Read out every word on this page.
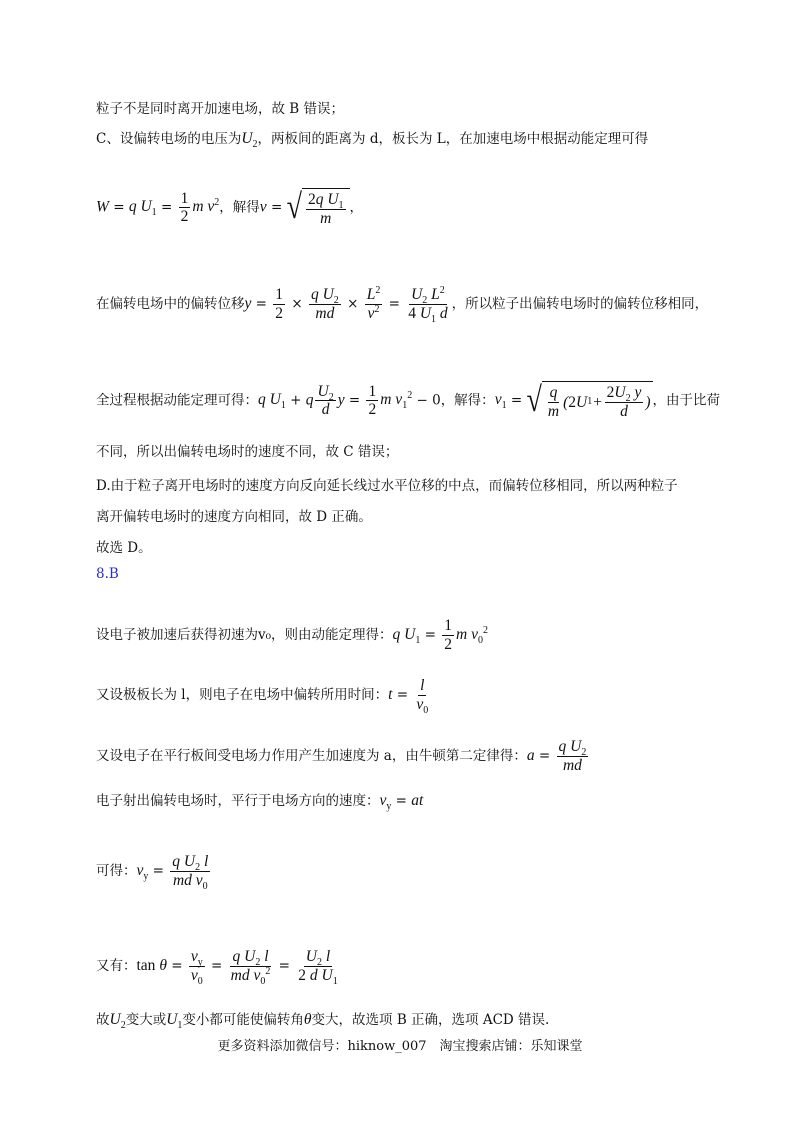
粒子不是同时离开加速电场，故 B 错误；
C、设偏转电场的电压为$U_2$，两板间的距离为 d，板长为 L，在加速电场中根据动能定理可得
W = q $U_1 = \frac{1}{2}$ m $v^2$，解得v = √ $\frac{2q U_1}{m}$ ，
在偏转电场中的偏转位移$y = \frac{1}{2} \times \frac{q U_2}{md} \times \frac{L^2}{v^2} = \frac{U_2 L^2}{4 U_1 d}$ ，所以粒子出偏转电场时的偏转位移相同，
全过程根据动能定理可得：q $U_1 + q \frac{U_2}{d}$ $y = \frac{1}{2}$ m $v_1^2 - 0$，解得：$v_1$ = √ $\frac{q}{m}$ ( 2 U $1 + \frac{2U_2 y}{d}$ ) ，由于比荷
不同，所以出偏转电场时的速度不同，故 C 错误；
D.由于粒子离开电场时的速度方向反向延长线过水平位移的中点，而偏转位移相同，所以两种粒子
离开偏转电场时的速度方向相同，故 D 正确。
故选 D。
8.B
设电子被加速后获得初速为v₀，则由动能定理得：q $U_1 = \frac{1}{2}$ m $v_0^2$
又设极板长为 l，则电子在电场中偏转所用时间：$t = \frac{l}{v_0}$
又设电子在平行板间受电场力作用产生加速度为 a，由牛顿第二定律得：$a = \frac{q U_2}{md}$
电子射出偏转电场时，平行于电场方向的速度：$v_y$ = at
可得：$v_y = \frac{q U_2 l}{md v_0}$
又有：$\tan \theta = \frac{v_y}{v_0} = \frac{q U_2 l}{md v_0^2} = \frac{U_2 l}{2 d U_1}$
故$U_2$变大或$U_1$变小都可能使偏转角θ变大，故选项 B 正确，选项 ACD 错误.
更多资料添加微信号：hiknow_007　淘宝搜索店铺：乐知课堂
